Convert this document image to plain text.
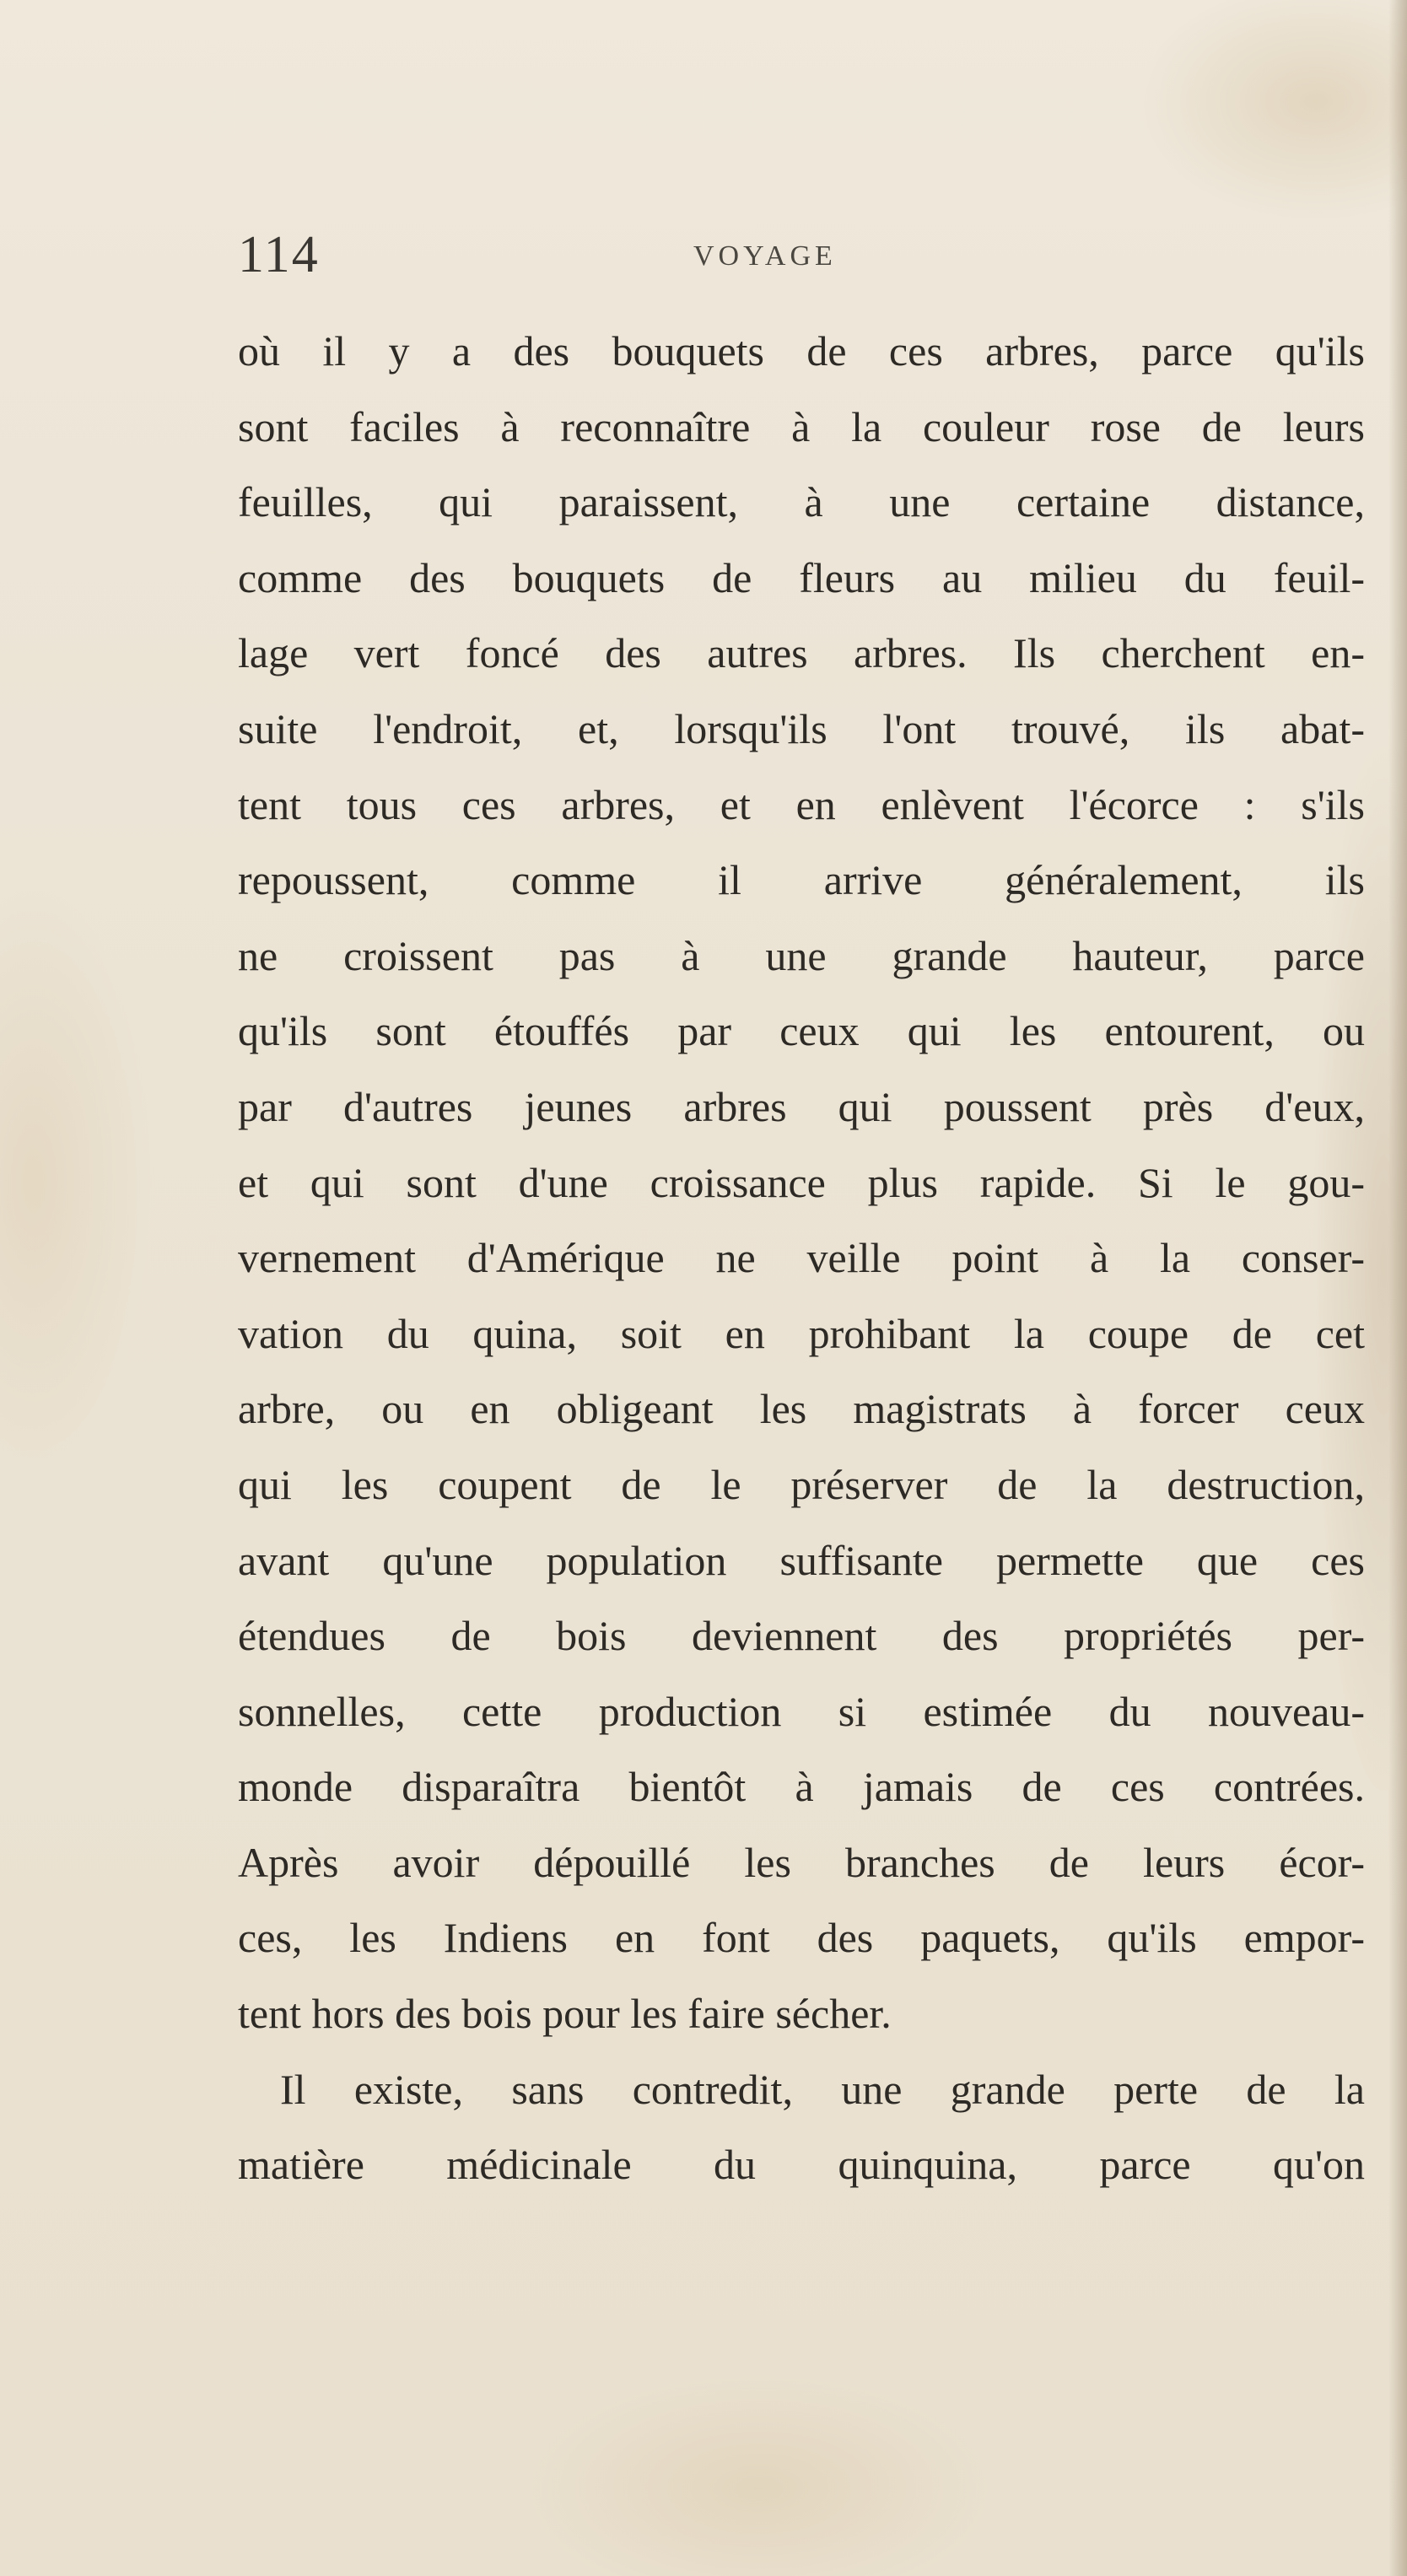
114	VOYAGE
où il y a des bouquets de ces arbres, parce qu'ils
sont faciles à reconnaître à la couleur rose de leurs
feuilles, qui paraissent, à une certaine distance,
comme des bouquets de fleurs au milieu du feuil-
lage vert foncé des autres arbres. Ils cherchent en-
suite l'endroit, et, lorsqu'ils l'ont trouvé, ils abat-
tent tous ces arbres, et en enlèvent l'écorce : s'ils
repoussent, comme il arrive généralement, ils
ne croissent pas à une grande hauteur, parce
qu'ils sont étouffés par ceux qui les entourent, ou
par d'autres jeunes arbres qui poussent près d'eux,
et qui sont d'une croissance plus rapide. Si le gou-
vernement d'Amérique ne veille point à la conser-
vation du quina, soit en prohibant la coupe de cet
arbre, ou en obligeant les magistrats à forcer ceux
qui les coupent de le préserver de la destruction,
avant qu'une population suffisante permette que ces
étendues de bois deviennent des propriétés per-
sonnelles, cette production si estimée du nouveau-
monde disparaîtra bientôt à jamais de ces contrées.
Après avoir dépouillé les branches de leurs écor-
ces, les Indiens en font des paquets, qu'ils empor-
tent hors des bois pour les faire sécher.
Il existe, sans contredit, une grande perte de la
matière médicinale du quinquina, parce qu'on
